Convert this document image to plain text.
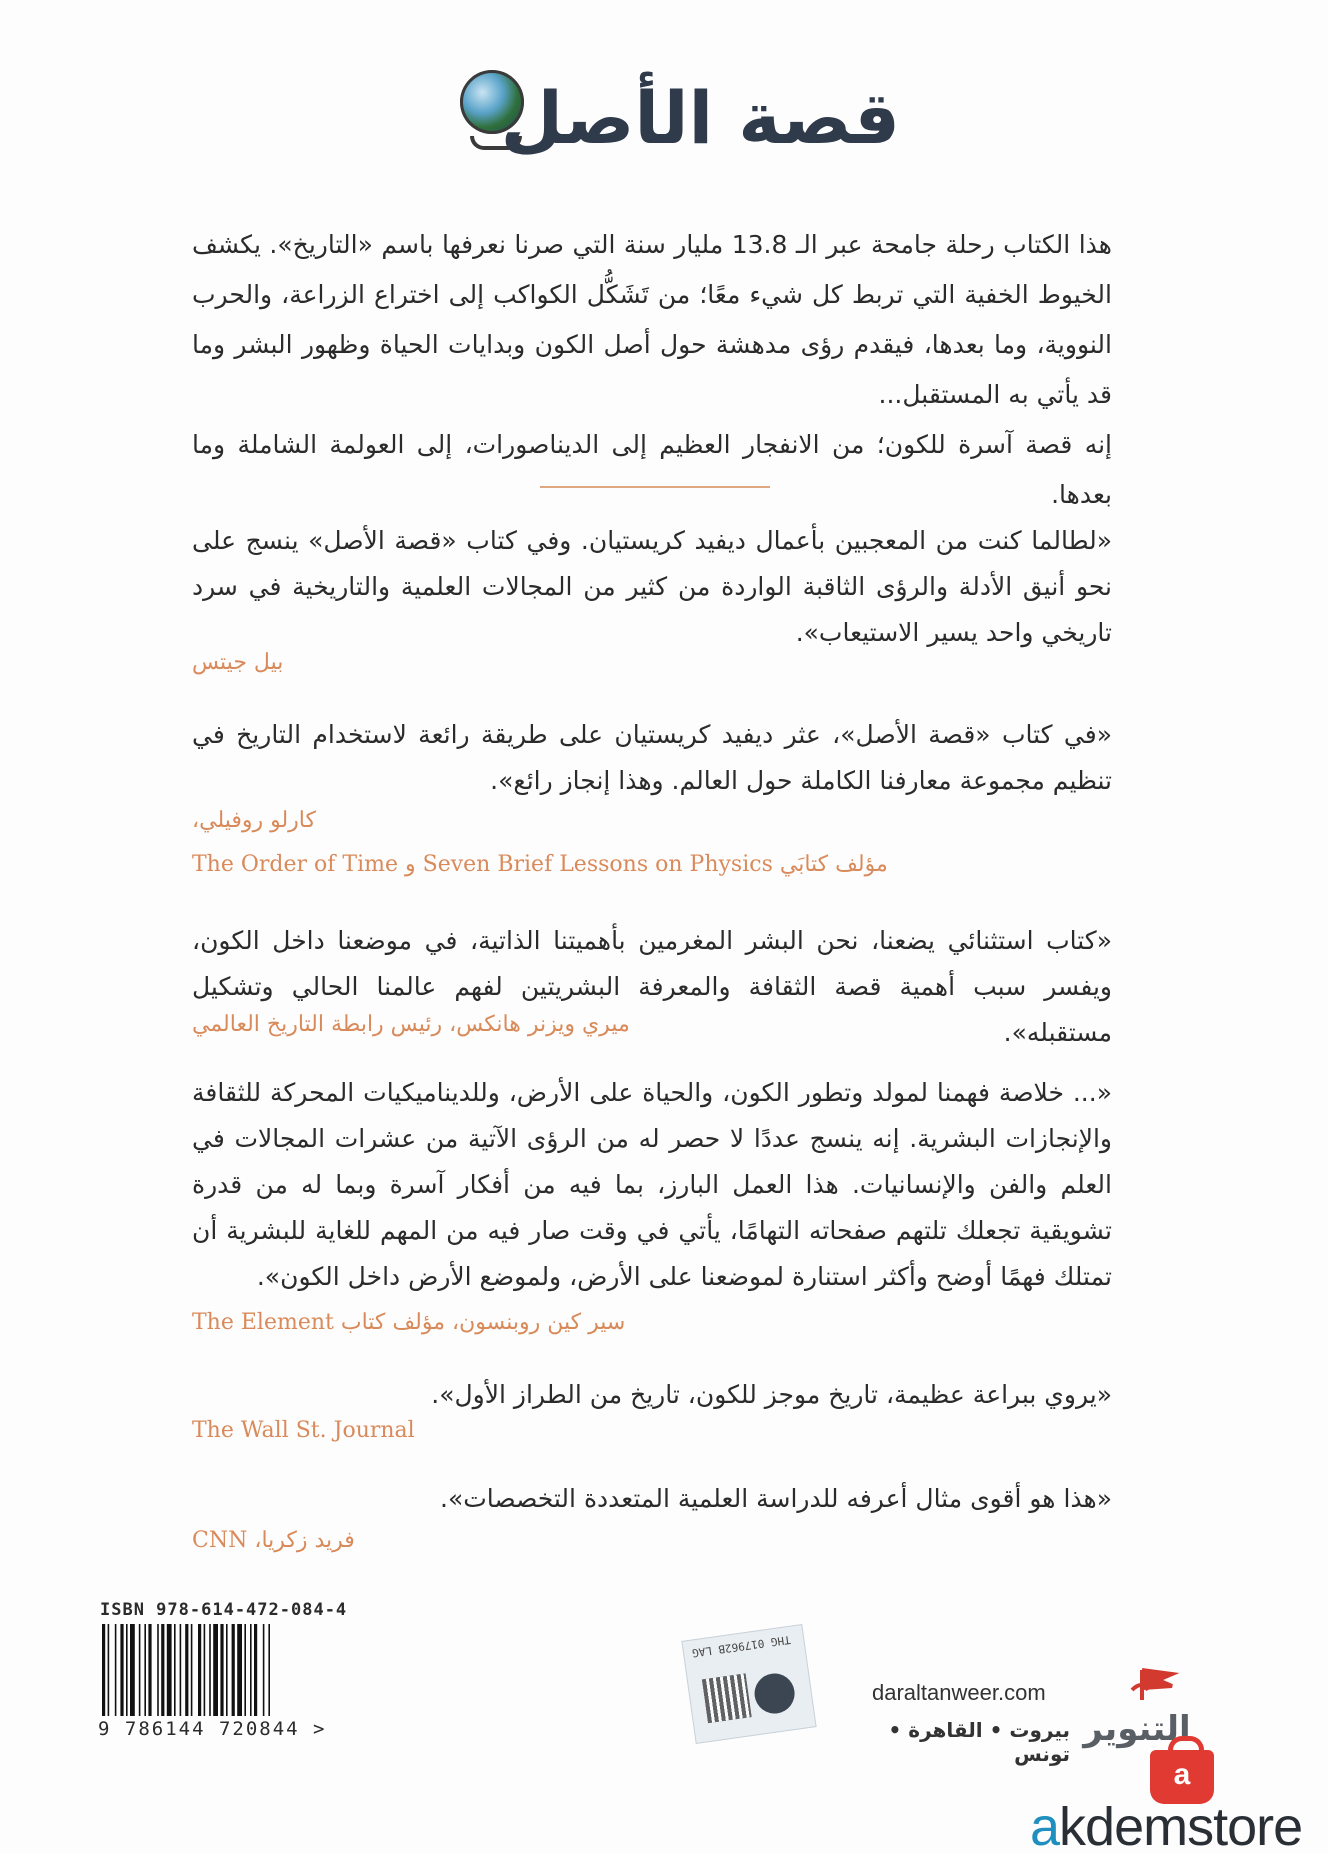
قصة الأصل

هذا الكتاب رحلة جامحة عبر الـ 13.8 مليار سنة التي صرنا نعرفها باسم «التاريخ». يكشف الخيوط الخفية التي تربط كل شيء معًا؛ من تَشَكُّل الكواكب إلى اختراع الزراعة، والحرب النووية، وما بعدها، فيقدم رؤى مدهشة حول أصل الكون وبدايات الحياة وظهور البشر وما قد يأتي به المستقبل...

إنه قصة آسرة للكون؛ من الانفجار العظيم إلى الديناصورات، إلى العولمة الشاملة وما بعدها.

«لطالما كنت من المعجبين بأعمال ديفيد كريستيان. وفي كتاب «قصة الأصل» ينسج على نحو أنيق الأدلة والرؤى الثاقبة الواردة من كثير من المجالات العلمية والتاريخية في سرد تاريخي واحد يسير الاستيعاب».

بيل جيتس

«في كتاب «قصة الأصل»، عثر ديفيد كريستيان على طريقة رائعة لاستخدام التاريخ في تنظيم مجموعة معارفنا الكاملة حول العالم. وهذا إنجاز رائع».

كارلو روفيلي،
مؤلف كتابَي Seven Brief Lessons on Physics و The Order of Time

«كتاب استثنائي يضعنا، نحن البشر المغرمين بأهميتنا الذاتية، في موضعنا داخل الكون، ويفسر سبب أهمية قصة الثقافة والمعرفة البشريتين لفهم عالمنا الحالي وتشكيل مستقبله».

ميري ويزنر هانكس، رئيس رابطة التاريخ العالمي

«... خلاصة فهمنا لمولد وتطور الكون، والحياة على الأرض، وللديناميكيات المحركة للثقافة والإنجازات البشرية. إنه ينسج عددًا لا حصر له من الرؤى الآتية من عشرات المجالات في العلم والفن والإنسانيات. هذا العمل البارز، بما فيه من أفكار آسرة وبما له من قدرة تشويقية تجعلك تلتهم صفحاته التهامًا، يأتي في وقت صار فيه من المهم للغاية للبشرية أن تمتلك فهمًا أوضح وأكثر استنارة لموضعنا على الأرض، ولموضع الأرض داخل الكون».

سير كين روبنسون، مؤلف كتاب The Element

«يروي ببراعة عظيمة، تاريخ موجز للكون، تاريخ من الطراز الأول».

The Wall St. Journal

«هذا هو أقوى مثال أعرفه للدراسة العلمية المتعددة التخصصات».

فريد زكريا، CNN
ISBN 978-614-472-084-4
9 786144 720844 >
THG 017962B LAG
daraltanweer.com
بيروت • القاهرة • تونس
التنوير
a
akdemstore
